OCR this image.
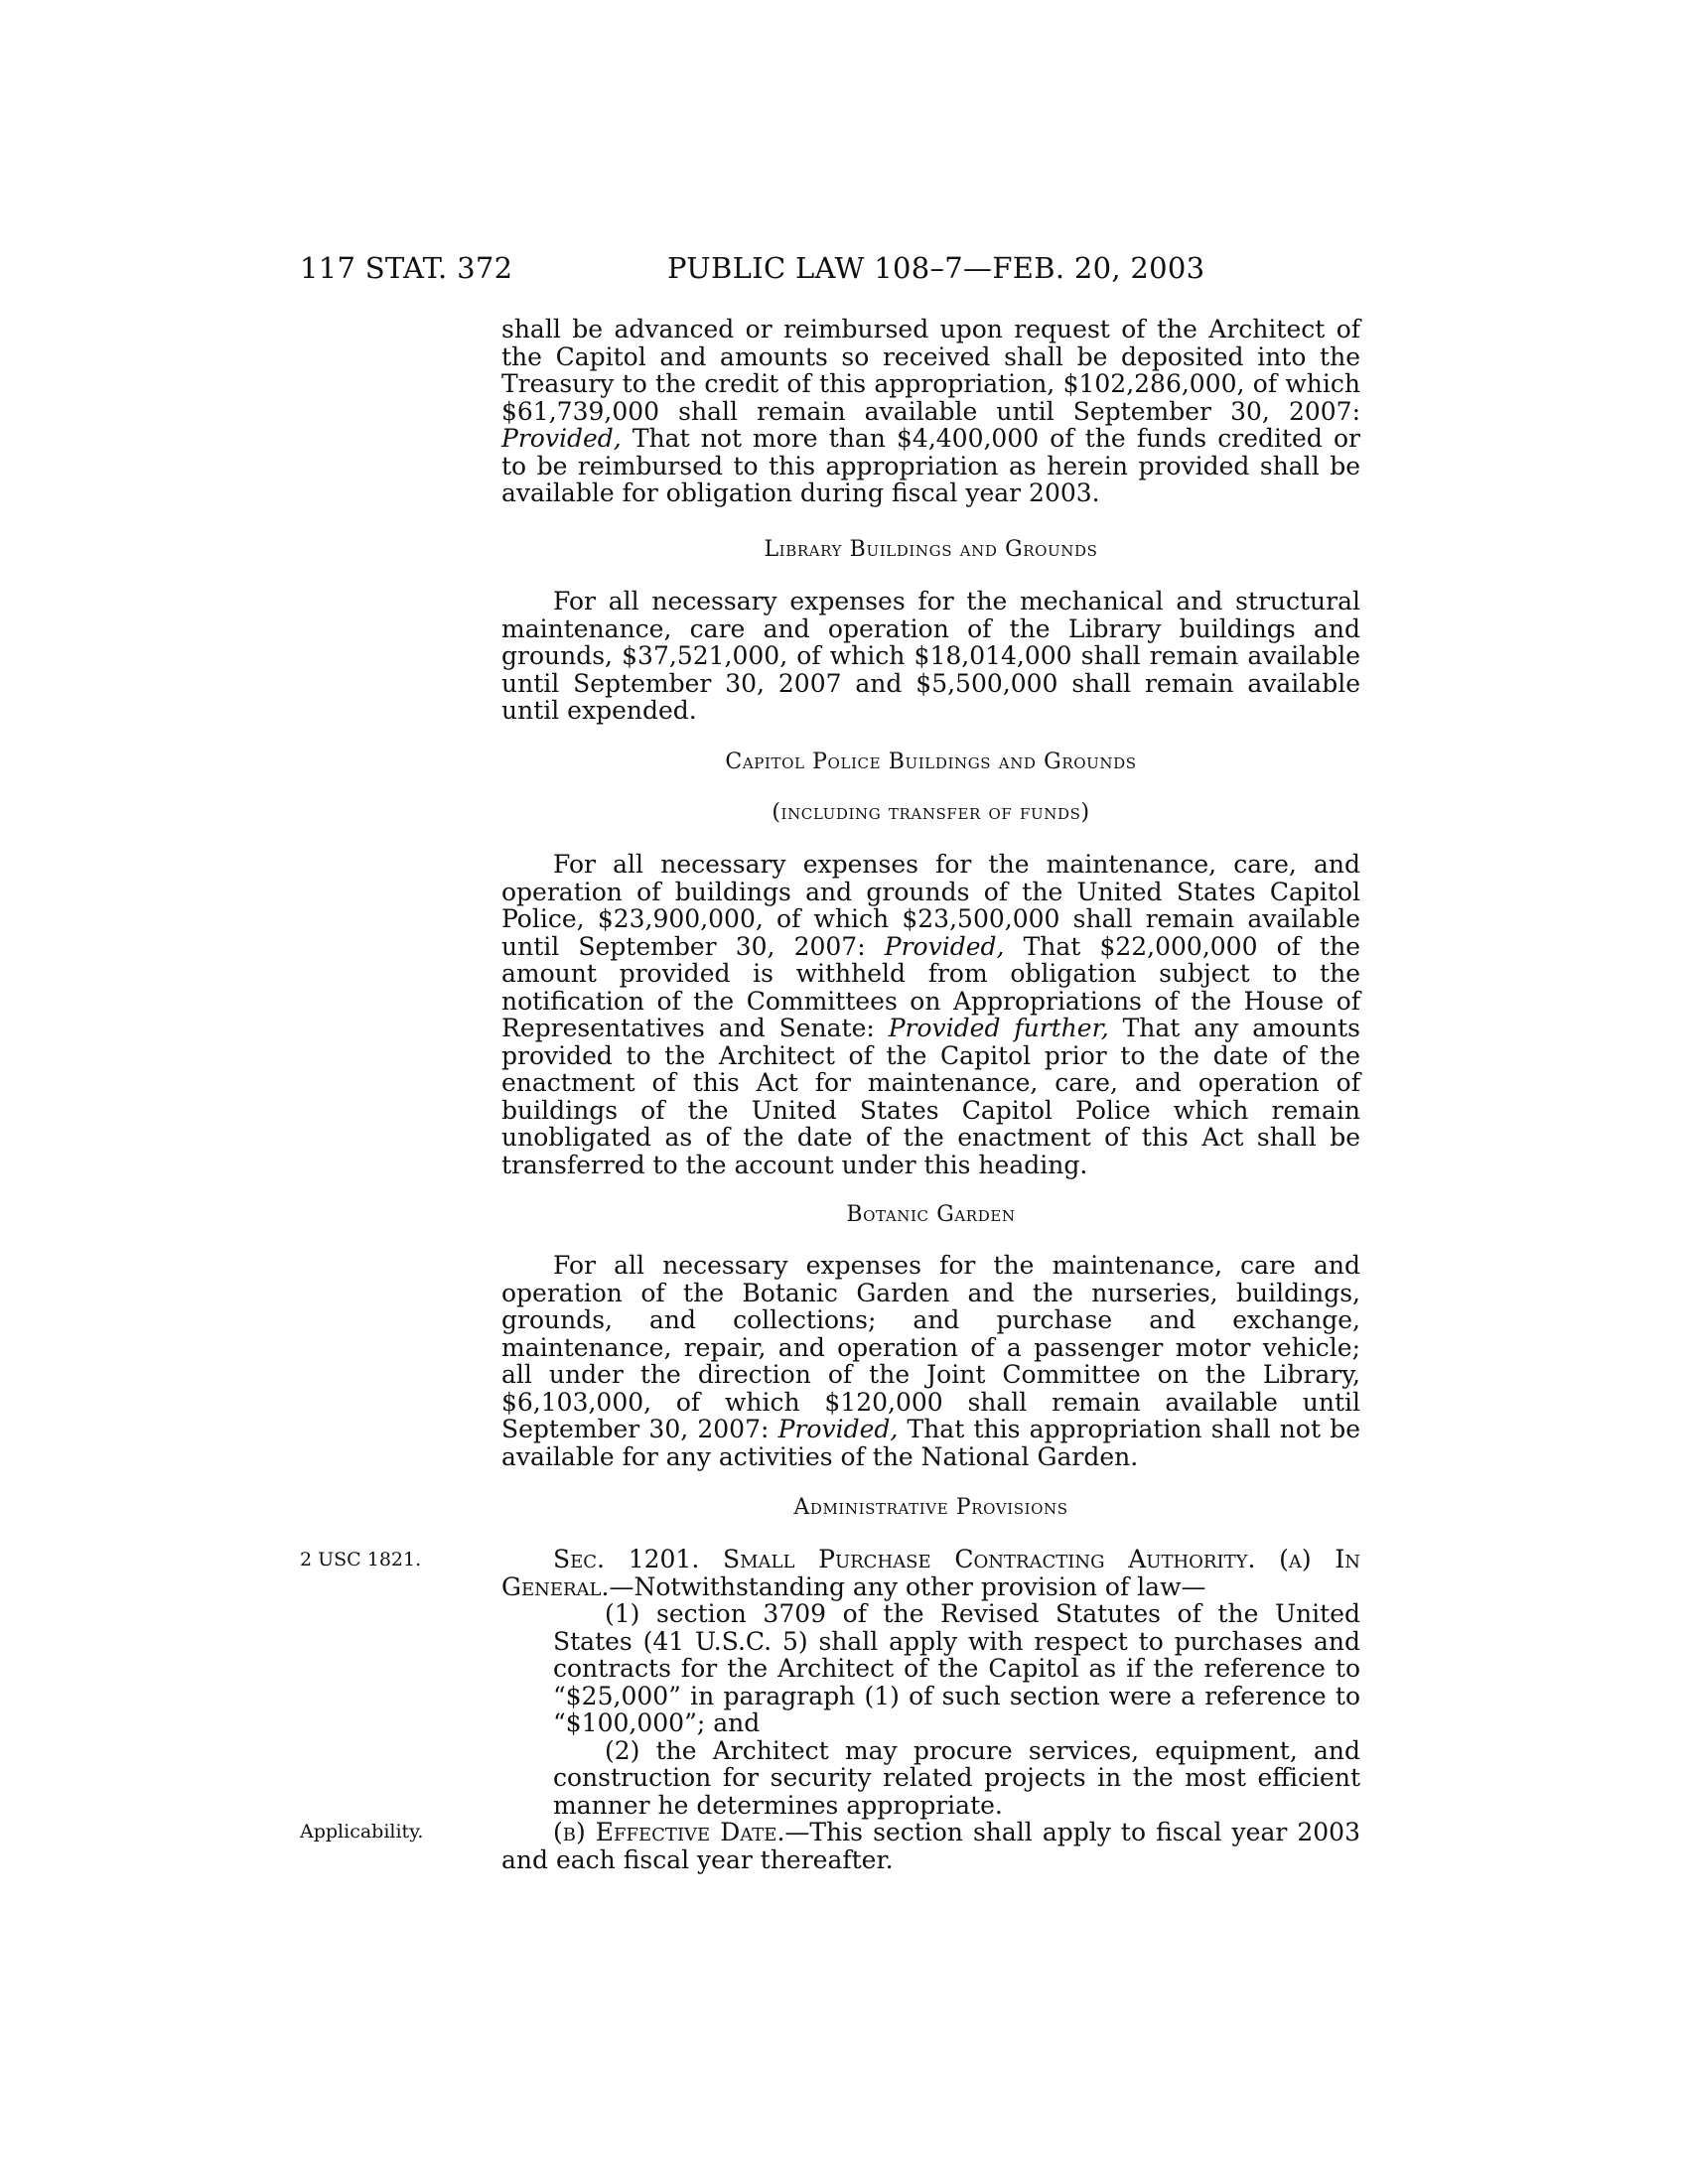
117 STAT. 372	PUBLIC LAW 108–7—FEB. 20, 2003

shall be advanced or reimbursed upon request of the Architect of the Capitol and amounts so received shall be deposited into the Treasury to the credit of this appropriation, $102,286,000, of which $61,739,000 shall remain available until September 30, 2007: Provided, That not more than $4,400,000 of the funds credited or to be reimbursed to this appropriation as herein provided shall be available for obligation during fiscal year 2003.

Library Buildings and Grounds

For all necessary expenses for the mechanical and structural maintenance, care and operation of the Library buildings and grounds, $37,521,000, of which $18,014,000 shall remain available until September 30, 2007 and $5,500,000 shall remain available until expended.

Capitol Police Buildings and Grounds

(including transfer of funds)

For all necessary expenses for the maintenance, care, and operation of buildings and grounds of the United States Capitol Police, $23,900,000, of which $23,500,000 shall remain available until September 30, 2007: Provided, That $22,000,000 of the amount provided is withheld from obligation subject to the notification of the Committees on Appropriations of the House of Representatives and Senate: Provided further, That any amounts provided to the Architect of the Capitol prior to the date of the enactment of this Act for maintenance, care, and operation of buildings of the United States Capitol Police which remain unobligated as of the date of the enactment of this Act shall be transferred to the account under this heading.

Botanic Garden

For all necessary expenses for the maintenance, care and operation of the Botanic Garden and the nurseries, buildings, grounds, and collections; and purchase and exchange, maintenance, repair, and operation of a passenger motor vehicle; all under the direction of the Joint Committee on the Library, $6,103,000, of which $120,000 shall remain available until September 30, 2007: Provided, That this appropriation shall not be available for any activities of the National Garden.

Administrative Provisions

2 USC 1821.	Sec. 1201. Small Purchase Contracting Authority. (a) In General.—Notwithstanding any other provision of law—

(1) section 3709 of the Revised Statutes of the United States (41 U.S.C. 5) shall apply with respect to purchases and contracts for the Architect of the Capitol as if the reference to “$25,000” in paragraph (1) of such section were a reference to “$100,000”; and

(2) the Architect may procure services, equipment, and construction for security related projects in the most efficient manner he determines appropriate.

(b) Effective Date.—This section shall apply to fiscal year 2003 and each fiscal year thereafter.

Applicability.
